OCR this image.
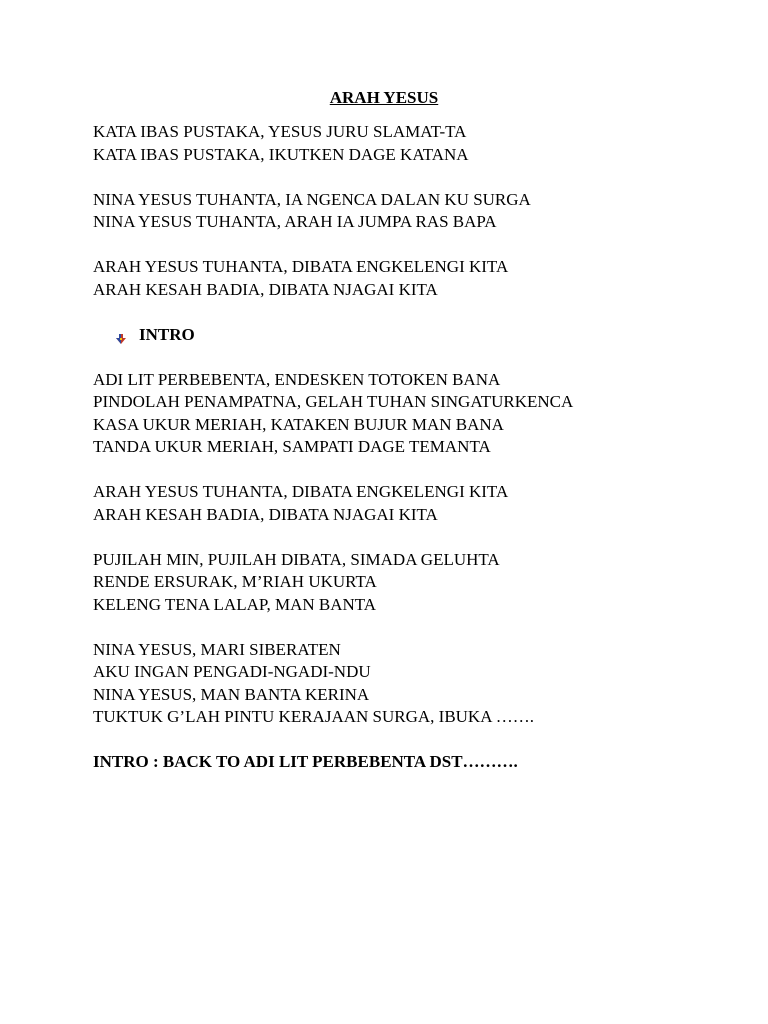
ARAH YESUS
KATA IBAS PUSTAKA, YESUS JURU SLAMAT-TA
KATA IBAS PUSTAKA, IKUTKEN DAGE KATANA
NINA YESUS TUHANTA, IA NGENCA DALAN KU SURGA
NINA YESUS TUHANTA, ARAH IA JUMPA RAS BAPA
ARAH YESUS TUHANTA, DIBATA ENGKELENGI KITA
ARAH KESAH BADIA, DIBATA NJAGAI KITA
INTRO
ADI LIT PERBEBENTA, ENDESKEN TOTOKEN BANA
PINDOLAH PENAMPATNA, GELAH TUHAN SINGATURKENCA
KASA UKUR MERIAH, KATAKEN BUJUR MAN BANA
TANDA UKUR MERIAH, SAMPATI DAGE TEMANTA
ARAH YESUS TUHANTA, DIBATA ENGKELENGI KITA
ARAH KESAH BADIA, DIBATA NJAGAI KITA
PUJILAH MIN, PUJILAH DIBATA, SIMADA GELUHTA
RENDE ERSURAK, M’RIAH UKURTA
KELENG TENA LALAP, MAN BANTA
NINA YESUS, MARI SIBERATEN
AKU INGAN PENGADI-NGADI-NDU
NINA YESUS, MAN BANTA KERINA
TUKTUK G’LAH PINTU KERAJAAN SURGA, IBUKA …….
INTRO : BACK TO ADI LIT PERBEBENTA DST……….
